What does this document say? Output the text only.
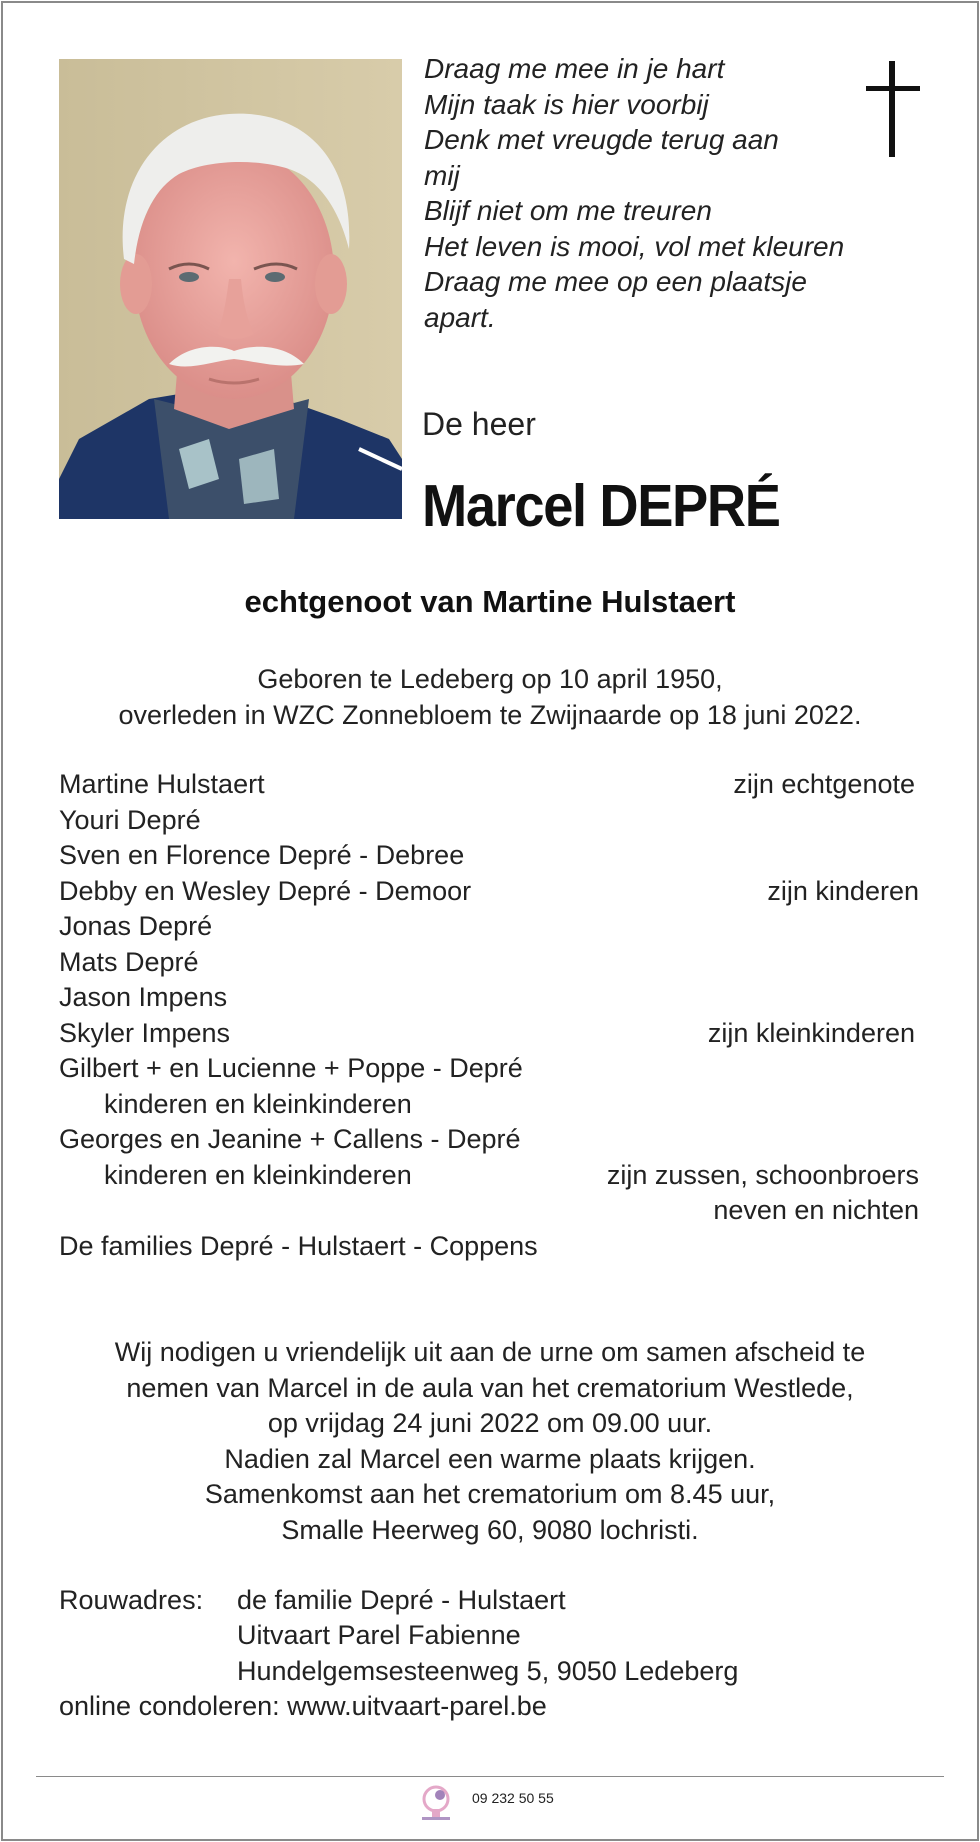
Draag me mee in je hart
Mijn taak is hier voorbij
Denk met vreugde terug aan
mij
Blijf niet om me treuren
Het leven is mooi, vol met kleuren
Draag me mee op een plaatsje
apart.
De heer
Marcel DEPRÉ
echtgenoot van Martine Hulstaert
Geboren te Ledeberg op 10 april 1950,
overleden in WZC Zonnebloem te Zwijnaarde op 18 juni 2022.
Martine Hulstaert	zijn echtgenote
Youri Depré
Sven en Florence Depré - Debree
Debby en Wesley Depré - Demoor	zijn kinderen
Jonas Depré
Mats Depré
Jason Impens
Skyler Impens	zijn kleinkinderen
Gilbert + en Lucienne + Poppe - Depré
kinderen en kleinkinderen
Georges en Jeanine + Callens - Depré
kinderen en kleinkinderen	zijn zussen, schoonbroers
neven en nichten
De families Depré - Hulstaert - Coppens
Wij nodigen u vriendelijk uit aan de urne om samen afscheid te
nemen van Marcel in de aula van het crematorium Westlede,
op vrijdag 24 juni 2022 om 09.00 uur.
Nadien zal Marcel een warme plaats krijgen.
Samenkomst aan het crematorium om 8.45 uur,
Smalle Heerweg 60, 9080 lochristi.
Rouwadres: de familie Depré - Hulstaert
Uitvaart Parel Fabienne
Hundelgemsesteenweg 5, 9050 Ledeberg
online condoleren: www.uitvaart-parel.be
09 232 50 55
